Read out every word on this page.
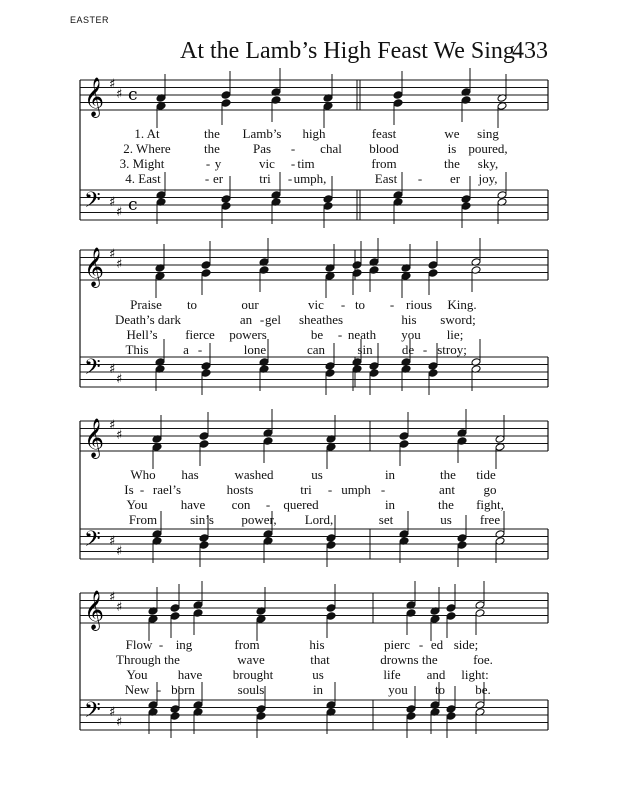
EASTER
At the Lamb’s High Feast We Sing
433
𝄞
𝄢
♯
♯
♯
♯
c
c
𝄞
𝄢
♯
♯
♯
♯
𝄞
𝄢
♯
♯
♯
♯
𝄞
𝄢
♯
♯
♯
♯
1. At	the Lamb’s high	feast	we sing
2. Where	the	Pas - chal blood	is poured,
3. Might	- y	vic - tim	from	the sky,
4. East	- er	tri - umph,	East - er joy,
Praise to	our	vic - to - rious King.
Death’s dark	an - gel sheathes	his sword;
Hell’s fierce powers	be - neath you lie;
This	a -	lone	can sin de - stroy;
Who has	washed	us	in	the tide
Is - rael’s	hosts	tri - umph -	ant go
You	have con - quered	in	the fight,
From	sin’s power, Lord,	set	us free
Flow - ing	from	his	pierc - ed side;
Through the	wave	that	drowns the	foe.
You have brought	us	life and light:
New - born	souls	in	you to be.
